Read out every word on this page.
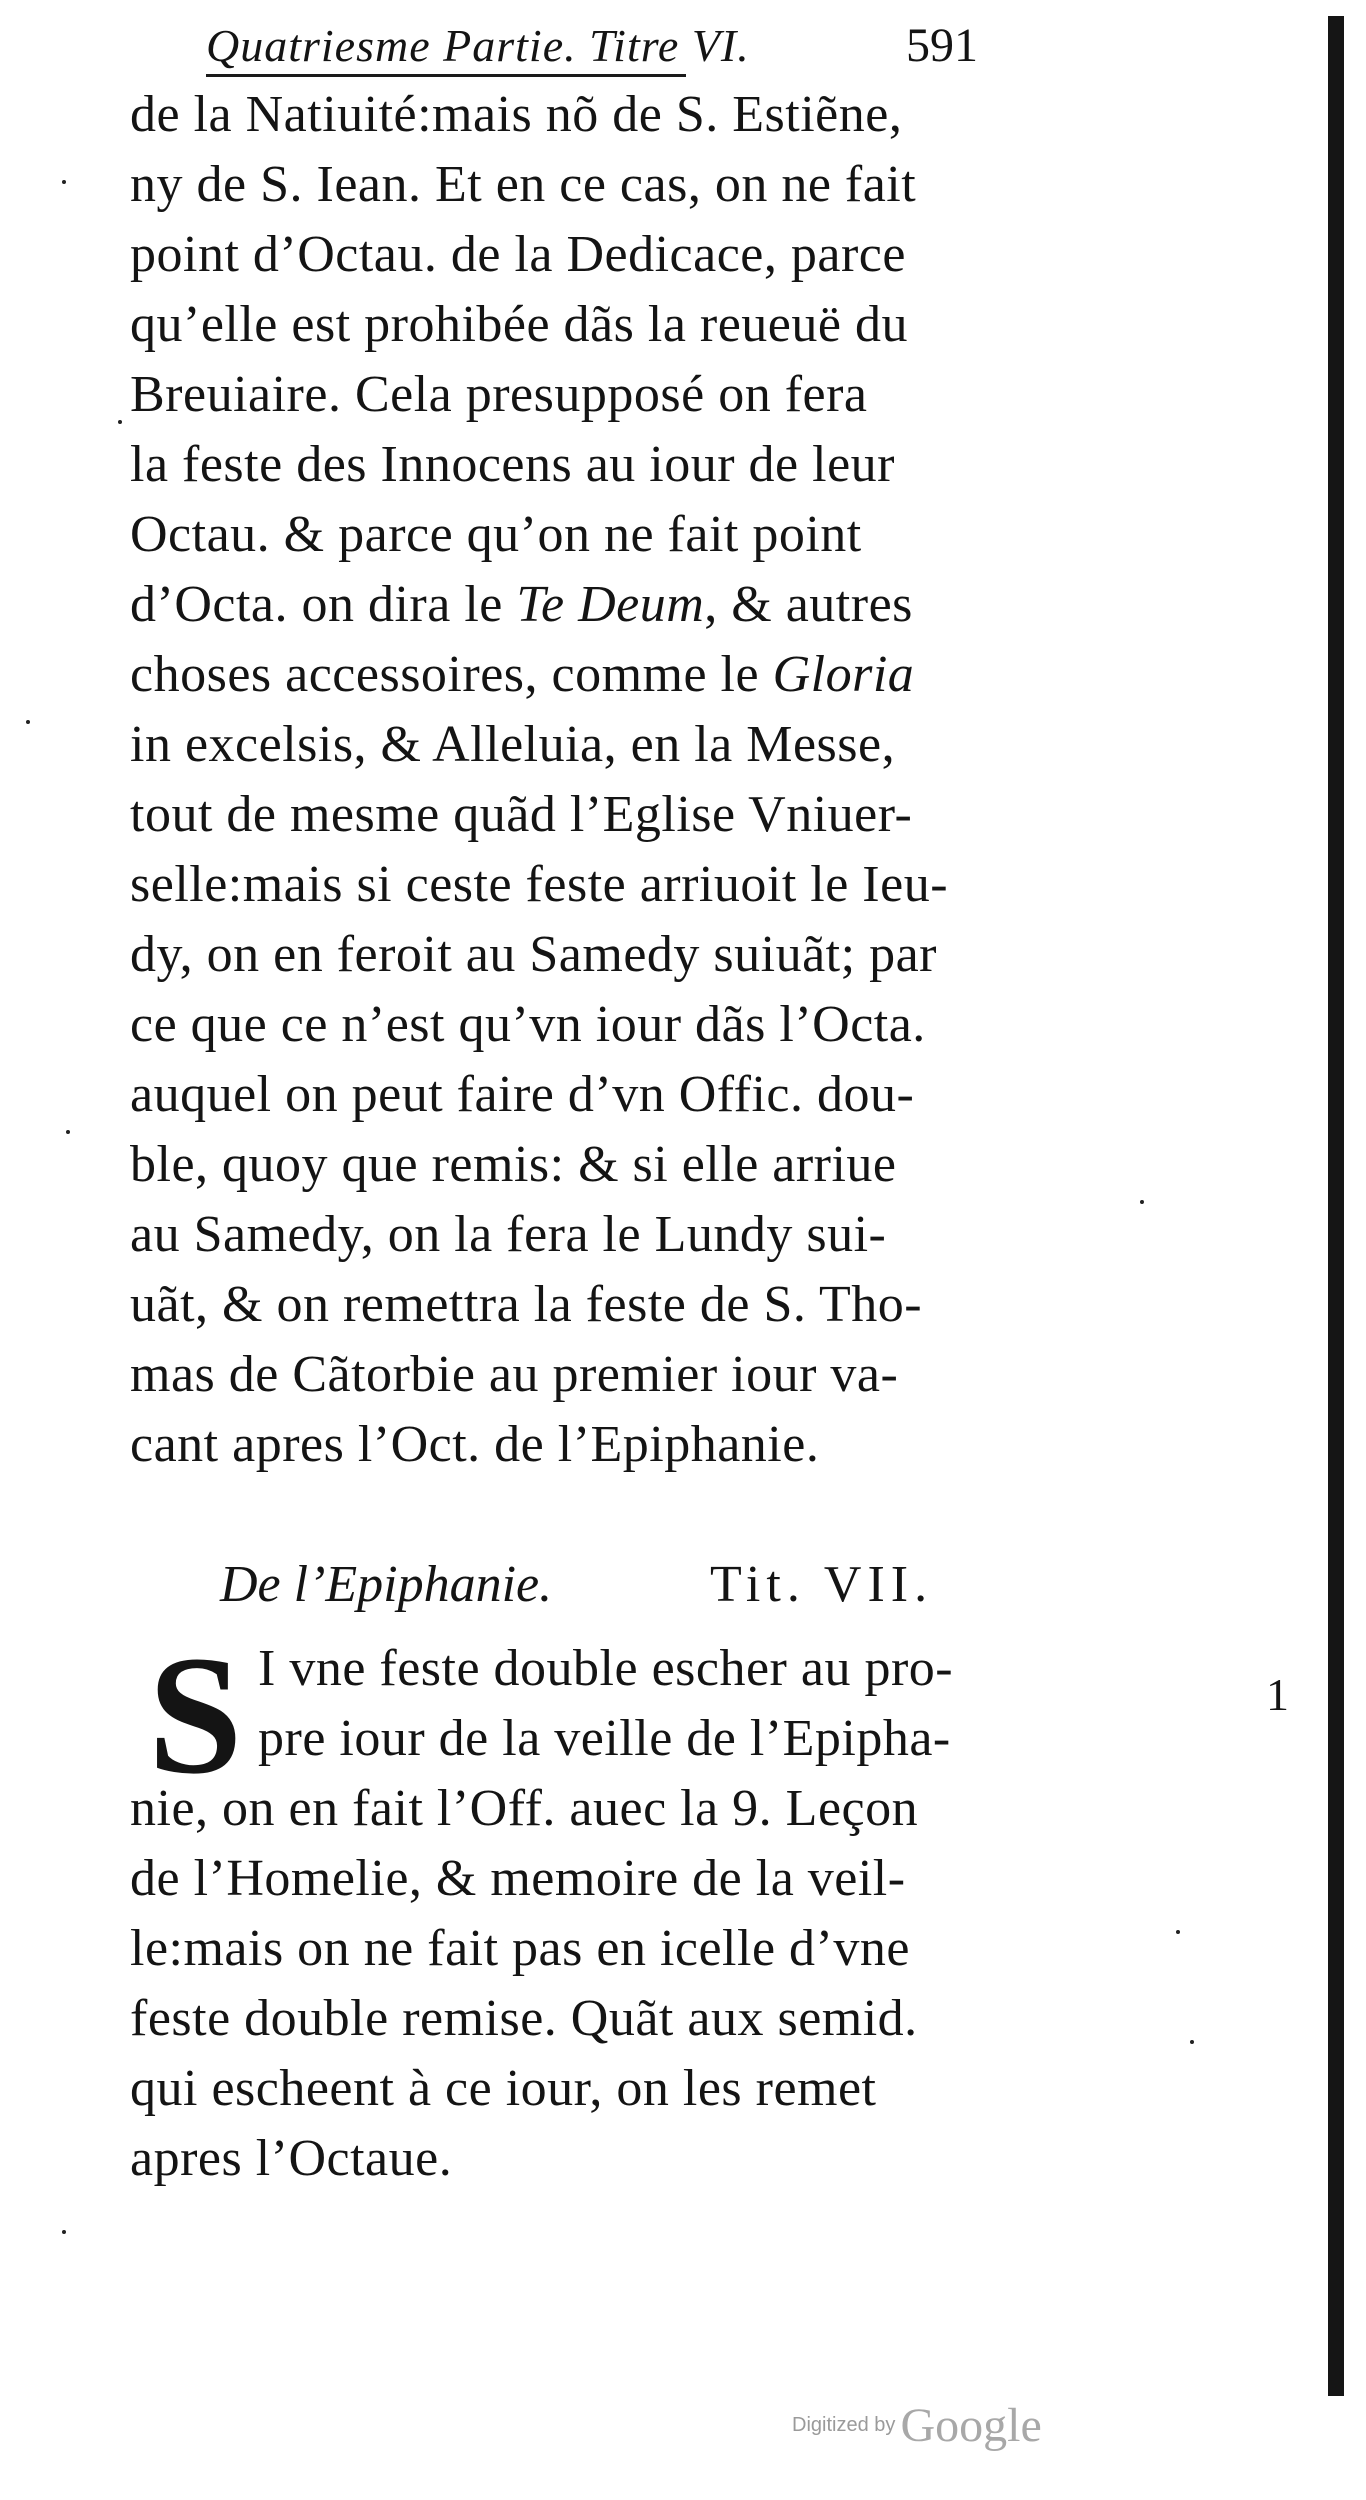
Quatriesme Partie. Titre VI.	591
de la Natiuité:mais nõ de S. Estiẽne,
ny de S. Iean. Et en ce cas, on ne fait
point d’Octau. de la Dedicace, parce
qu’elle est prohibée dãs la reueuë du
Breuiaire. Cela presupposé on fera
la feste des Innocens au iour de leur
Octau. & parce qu’on ne fait point
d’Octa. on dira le Te Deum, & autres
choses accessoires, comme le Gloria
in excelsis, & Alleluia, en la Messe,
tout de mesme quãd l’Eglise Vniuer-
selle:mais si ceste feste arriuoit le Ieu-
dy, on en feroit au Samedy suiuãt; par
ce que ce n’est qu’vn iour dãs l’Octa.
auquel on peut faire d’vn Offic. dou-
ble, quoy que remis: & si elle arriue
au Samedy, on la fera le Lundy sui-
uãt, & on remettra la feste de S. Tho-
mas de Cãtorbie au premier iour va-
cant apres l’Oct. de l’Epiphanie.
De l’Epiphanie.	Tit. VII.
1
S I vne feste double escher au pro-
pre iour de la veille de l’Epipha-
nie, on en fait l’Off. auec la 9. Leçon
de l’Homelie, & memoire de la veil-
le:mais on ne fait pas en icelle d’vne
feste double remise. Quãt aux semid.
qui escheent à ce iour, on les remet
apres l’Octaue.
Digitized by Google
